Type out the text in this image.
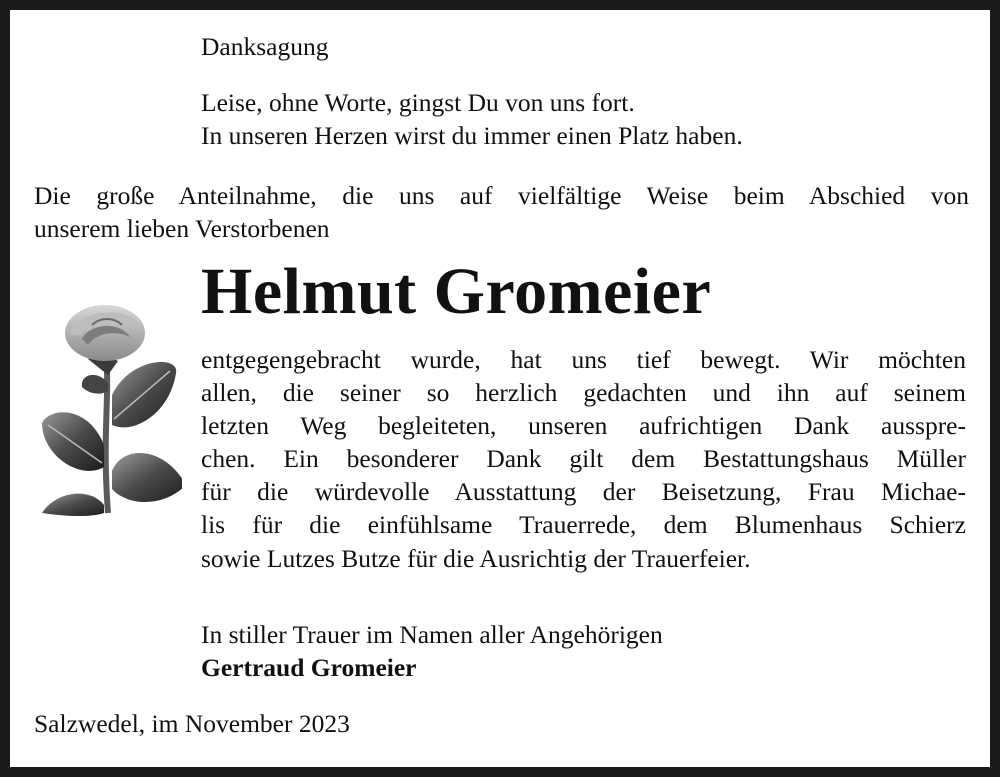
Danksagung
Leise, ohne Worte, gingst Du von uns fort.
In unseren Herzen wirst du immer einen Platz haben.
Die große Anteilnahme, die uns auf vielfältige Weise beim Abschied von
unserem lieben Verstorbenen
Helmut Gromeier
entgegengebracht wurde, hat uns tief bewegt. Wir möchten
allen, die seiner so herzlich gedachten und ihn auf seinem
letzten Weg begleiteten, unseren aufrichtigen Dank ausspre-
chen. Ein besonderer Dank gilt dem Bestattungshaus Müller
für die würdevolle Ausstattung der Beisetzung, Frau Michae-
lis für die einfühlsame Trauerrede, dem Blumenhaus Schierz
sowie Lutzes Butze für die Ausrichtig der Trauerfeier.
In stiller Trauer im Namen aller Angehörigen
Gertraud Gromeier
Salzwedel, im November 2023
